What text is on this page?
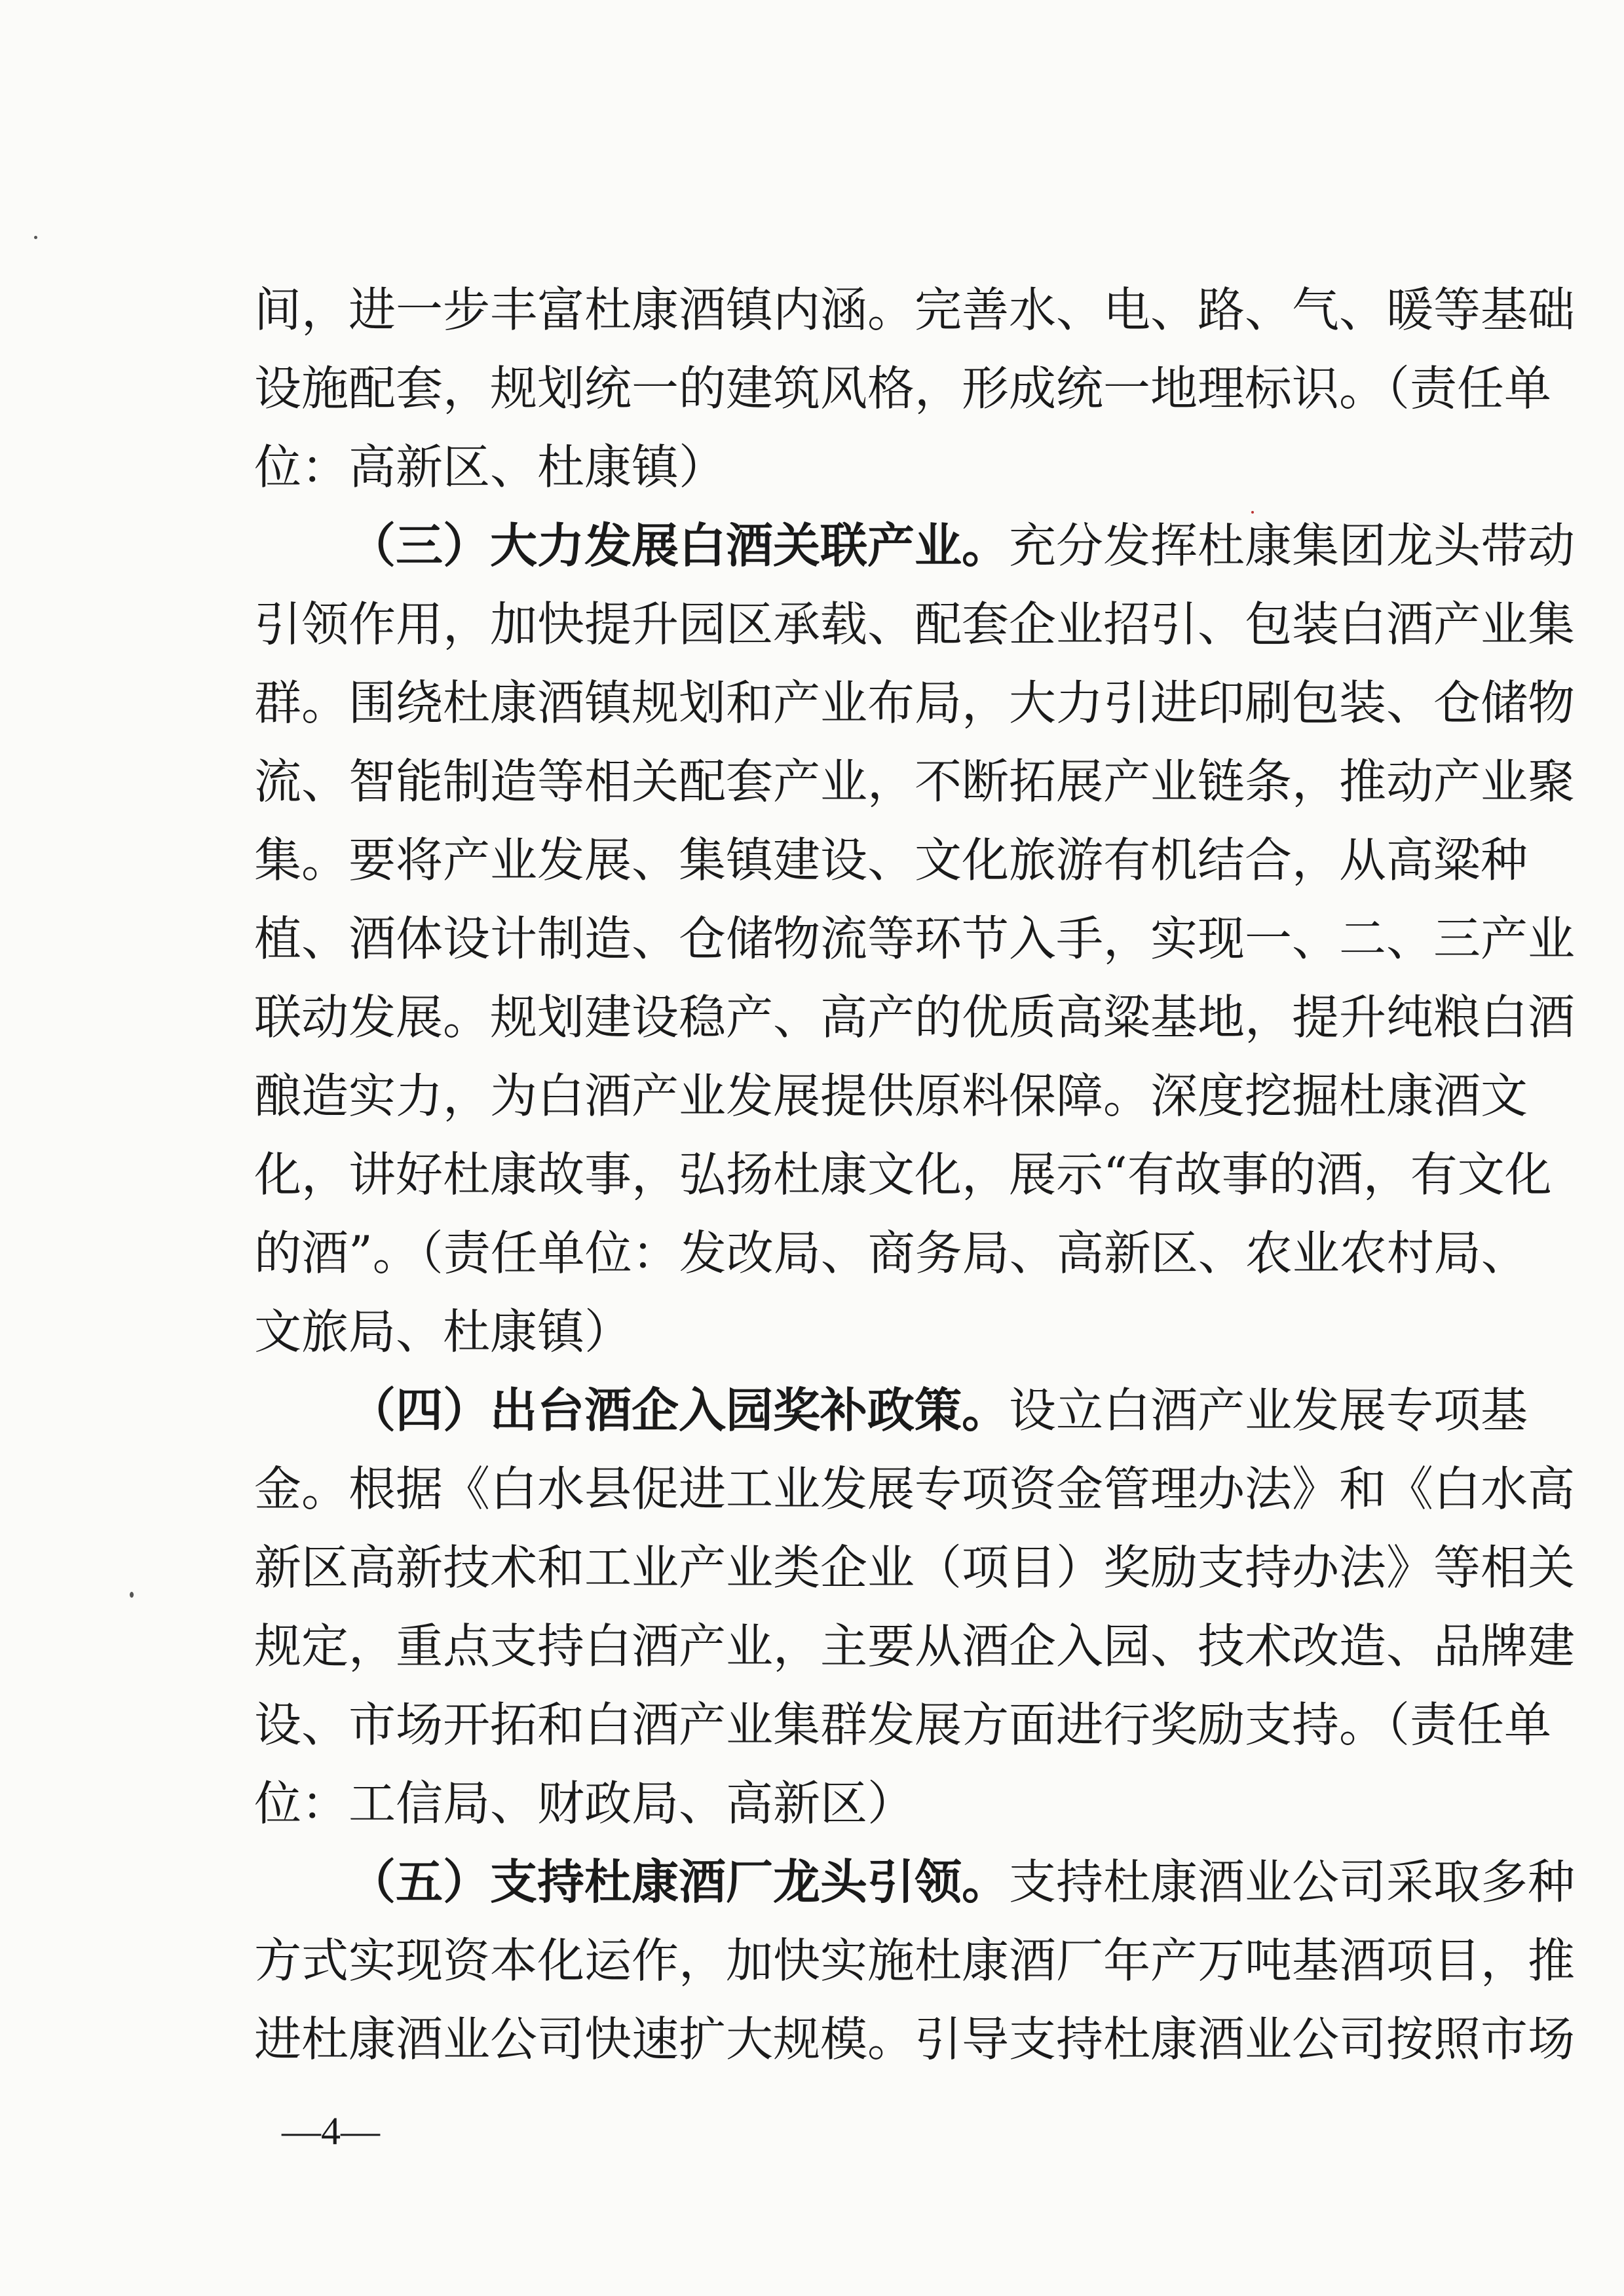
间，进一步丰富杜康酒镇内涵。完善水、电、路、气、暖等基础
设施配套，规划统一的建筑风格，形成统一地理标识。（责任单
位：高新区、杜康镇）
（三）大力发展白酒关联产业。充分发挥杜康集团龙头带动
引领作用，加快提升园区承载、配套企业招引、包装白酒产业集
群。围绕杜康酒镇规划和产业布局，大力引进印刷包装、仓储物
流、智能制造等相关配套产业，不断拓展产业链条，推动产业聚
集。要将产业发展、集镇建设、文化旅游有机结合，从高粱种
植、酒体设计制造、仓储物流等环节入手，实现一、二、三产业
联动发展。规划建设稳产、高产的优质高粱基地，提升纯粮白酒
酿造实力，为白酒产业发展提供原料保障。深度挖掘杜康酒文
化，讲好杜康故事，弘扬杜康文化，展示“有故事的酒，有文化
的酒”。（责任单位：发改局、商务局、高新区、农业农村局、
文旅局、杜康镇）
（四）出台酒企入园奖补政策。设立白酒产业发展专项基
金。根据《白水县促进工业发展专项资金管理办法》和《白水高
新区高新技术和工业产业类企业（项目）奖励支持办法》等相关
规定，重点支持白酒产业，主要从酒企入园、技术改造、品牌建
设、市场开拓和白酒产业集群发展方面进行奖励支持。（责任单
位：工信局、财政局、高新区）
（五）支持杜康酒厂龙头引领。支持杜康酒业公司采取多种
方式实现资本化运作，加快实施杜康酒厂年产万吨基酒项目，推
进杜康酒业公司快速扩大规模。引导支持杜康酒业公司按照市场
—4—
